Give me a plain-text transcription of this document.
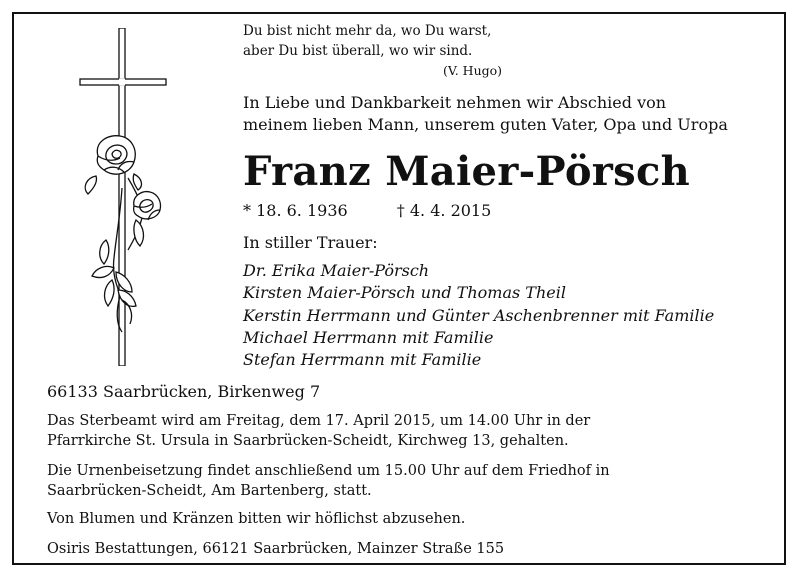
Du bist nicht mehr da, wo Du warst,
aber Du bist überall, wo wir sind.
(V. Hugo)
In Liebe und Dankbarkeit nehmen wir Abschied von
meinem lieben Mann, unserem guten Vater, Opa und Uropa
Franz Maier-Pörsch
* 18. 6. 1936	† 4. 4. 2015
In stiller Trauer:
Dr. Erika Maier-Pörsch
Kirsten Maier-Pörsch und Thomas Theil
Kerstin Herrmann und Günter Aschenbrenner mit Familie
Michael Herrmann mit Familie
Stefan Herrmann mit Familie
66133 Saarbrücken, Birkenweg 7
Das Sterbeamt wird am Freitag, dem 17. April 2015, um 14.00 Uhr in der
Pfarrkirche St. Ursula in Saarbrücken-Scheidt, Kirchweg 13, gehalten.
Die Urnenbeisetzung findet anschließend um 15.00 Uhr auf dem Friedhof in
Saarbrücken-Scheidt, Am Bartenberg, statt.
Von Blumen und Kränzen bitten wir höflichst abzusehen.
Osiris Bestattungen, 66121 Saarbrücken, Mainzer Straße 155
